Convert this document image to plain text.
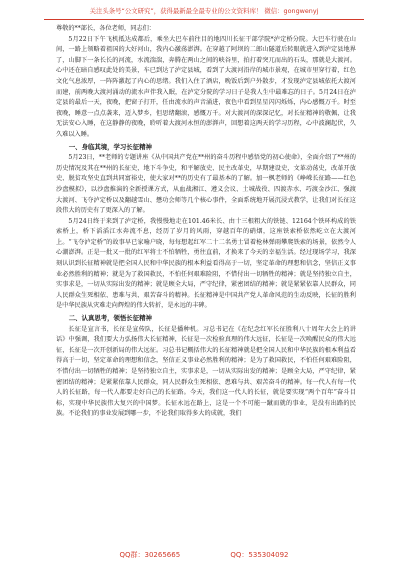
关注头条号“公文研究”，获得最新最全最专业的公文资料库！ 微信：gongwenyj

尊敬的**部长，各位老师，同志们：

5月22日下午飞机抵达成都后，乘坐大巴车前往目的地四川长征干部学院*泸定桥分院。大巴车行驶在山间，一路上领略着祖国的大好河山，我内心激荡澎湃。在穿越了阿坝的二郎山隧道后转眼就进入到泸定县地界了，山脚下一条长长的河流，水流湍湍，奔腾在两山之间的峡谷里，拍打着突兀而出的石头，那就是大渡河。心中还在暗自感叹此处的美景，车已到达了泸定县城，看到了大渡河沿岸的城市景观，在城市里穿行着，红色文化气息浓厚，一阵阵激起了内心的思绪。我们入住了酒店，晚饭后到户外散步，才发现泸定县城依托大渡河而建，前两晚大渡河涌动的流水声伴我入眠，在泸定分院的学习日子是我人生中最难忘的日子。5月24日在泸定县的最后一天，夜晚，把窗子打开，任由流水的声音涌进，夜色中看到星星闪闪烁烁，内心感慨万千。时至夜晚，睡意一点点袭来，迈入梦乡，但思绪翻滚，感慨万千。对大渡河的深深记忆，对长征精神的敬佩，让我无法安心入睡，在这静静的夜晚，聆听着大渡河永恒的澎湃声，回想着这两天的学习历程，心中波澜起伏，久久难以入睡。

一、身临其境，学习长征精神

5月23日，**老师的专题讲座《从中国共产党在**州的奋斗历程中感悟党的初心使命》，全面介绍了**州的历史情况及其在**州的长征史，地下斗争史，和平解放史、民主改革史，早期建设史，文革动荡史，改革开放史、脱贫攻坚史直到共同富裕史，使大家对**的历史有了最基本的了解。加一枫老师的《峥嵘长征路——红色沙盘模拟》，以沙盘推演的全新授课方式，从血战湘江、遵义会议、土城战役、四渡赤水、巧渡金沙江、强渡大渡河、飞夺泸定桥以及翻越雪山、懋功会师等几个核心事件，全面系统地开展沉浸式教学，让我们对长征这段伟大的历史有了更深入的了解。

5月24日终于来到了泸定桥，我慢慢地走在101.46米长、由十三根粗大的铁链、12164个铁环构成的铁索桥上，桥下滔滔江水奔流不息，经历了岁月的风雨，穿越百年的硝烟，这座铁索桥依然屹立在大渡河上。“飞夺泸定桥”的故事早已家喻户晓，每每想起红军二十二名勇士冒着枪林弹雨攀爬铁索的场景，依然令人心潮澎湃。正是一批又一批的红军将士不怕牺牲，勇往直前，才换来了今天的幸福生活。经过现场学习，我深刻认识到长征精神就是把全国人民和中华民族的根本利益看得高于一切，坚定革命的理想和信念，坚信正义事业必然胜利的精神；就是为了救国救民，不怕任何艰难险阻，不惜付出一切牺牲的精神；就是坚持独立自主，实事求是，一切从实际出发的精神；就是顾全大局，严守纪律，紧密团结的精神；就是紧紧依靠人民群众，同人民群众生死相依、患难与共、艰苦奋斗的精神。长征精神是中国共产党人革命风范的生动反映，长征的胜利是中华民族从灾难走向辉煌的伟大转折，是永远的丰碑。

二、认真思考，领悟长征精神

长征是宣言书，长征是宣传队，长征是播种机。习总书记在《在纪念红军长征胜利八十周年大会上的讲话》中强调，我们要大力弘扬伟大长征精神，长征是一次检验真理的伟大远征，长征是一次唤醒民众的伟大远征，长征是一次开创新局的伟大远征。习总书记概括伟大的长征精神就是把全国人民和中华民族的根本利益看得高于一切，坚定革命的理想和信念，坚信正义事业必然胜利的精神；是为了救国救民，不怕任何艰难险阻，不惜付出一切牺牲的精神；是坚持独立自主，实事求是，一切从实际出发的精神；是顾全大局，严守纪律，紧密团结的精神；是紧紧依靠人民群众，同人民群众生死相依、患难与共、艰苦奋斗的精神。每一代人有每一代人的长征路，每一代人都要走好自己的长征路。今天，我们这一代人的长征，就是要实现“两个百年”奋斗目标，实现中华民族伟大复兴的中国梦。长征永远在路上，这是一个不可能一蹴而就的事业，是没有出路的民族。不论我们的事业发展到哪一步，不论我们取得多大的成就，我们

QQ群：30265665	QQ：535304092
